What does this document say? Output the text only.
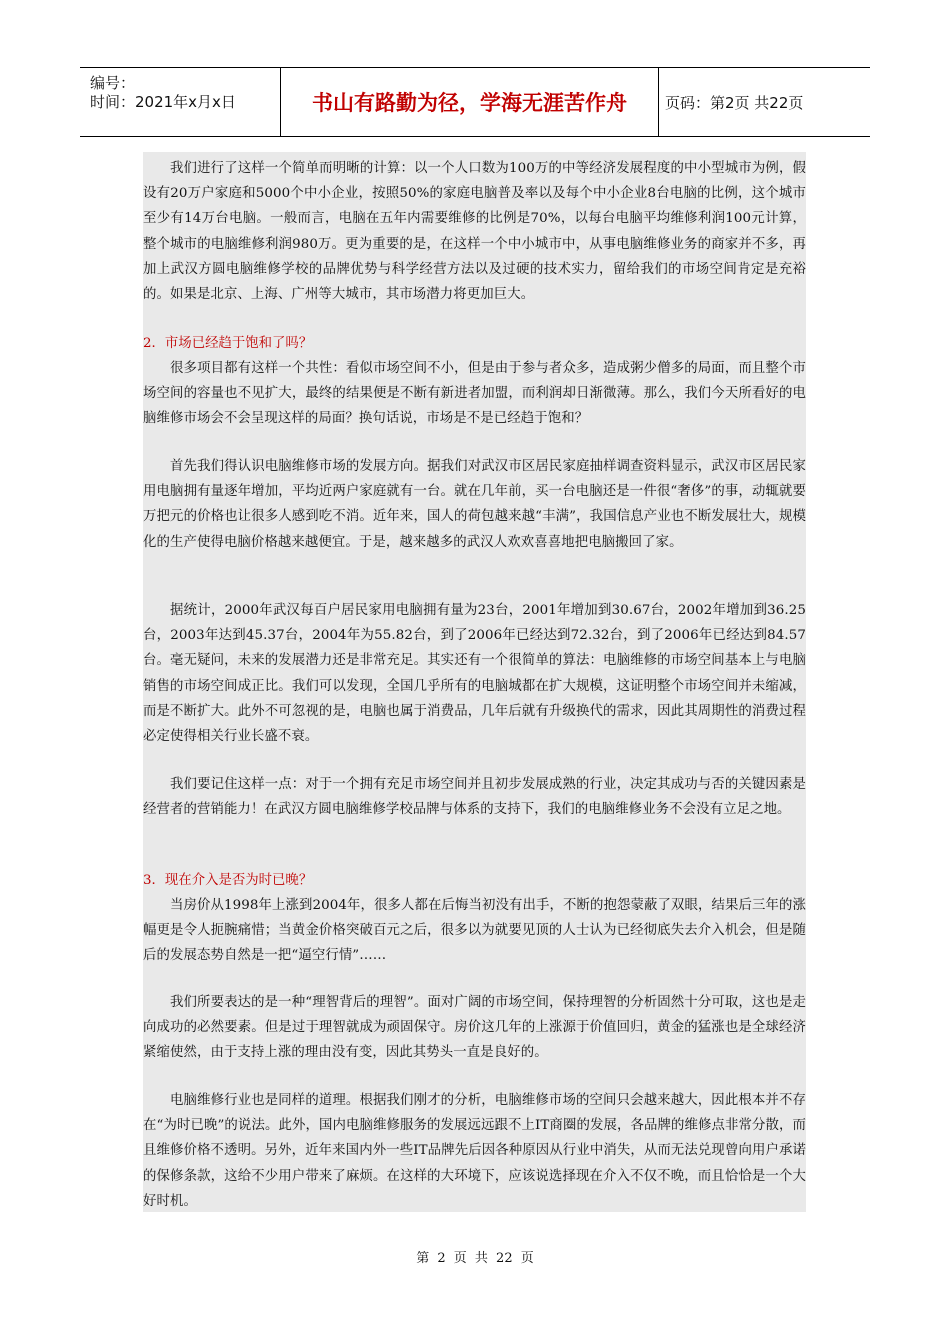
编号：
时间：2021年x月x日	书山有路勤为径，学海无涯苦作舟	页码：第2页 共22页

我们进行了这样一个简单而明晰的计算：以一个人口数为100万的中等经济发展程度的中小型城市为例，假设有20万户家庭和5000个中小企业，按照50%的家庭电脑普及率以及每个中小企业8台电脑的比例，这个城市至少有14万台电脑。一般而言，电脑在五年内需要维修的比例是70%，以每台电脑平均维修利润100元计算，整个城市的电脑维修利润980万。更为重要的是，在这样一个中小城市中，从事电脑维修业务的商家并不多，再加上武汉方圆电脑维修学校的品牌优势与科学经营方法以及过硬的技术实力，留给我们的市场空间肯定是充裕的。如果是北京、上海、广州等大城市，其市场潜力将更加巨大。

2．市场已经趋于饱和了吗？

很多项目都有这样一个共性：看似市场空间不小，但是由于参与者众多，造成粥少僧多的局面，而且整个市场空间的容量也不见扩大，最终的结果便是不断有新进者加盟，而利润却日渐微薄。那么，我们今天所看好的电脑维修市场会不会呈现这样的局面？换句话说，市场是不是已经趋于饱和？

首先我们得认识电脑维修市场的发展方向。据我们对武汉市区居民家庭抽样调查资料显示，武汉市区居民家用电脑拥有量逐年增加，平均近两户家庭就有一台。就在几年前，买一台电脑还是一件很“奢侈”的事，动辄就要万把元的价格也让很多人感到吃不消。近年来，国人的荷包越来越“丰满”，我国信息产业也不断发展壮大，规模化的生产使得电脑价格越来越便宜。于是，越来越多的武汉人欢欢喜喜地把电脑搬回了家。

据统计，2000年武汉每百户居民家用电脑拥有量为23台，2001年增加到30.67台，2002年增加到36.25台，2003年达到45.37台，2004年为55.82台，到了2006年已经达到72.32台，到了2006年已经达到84.57台。毫无疑问，未来的发展潜力还是非常充足。其实还有一个很简单的算法：电脑维修的市场空间基本上与电脑销售的市场空间成正比。我们可以发现，全国几乎所有的电脑城都在扩大规模，这证明整个市场空间并未缩减，而是不断扩大。此外不可忽视的是，电脑也属于消费品，几年后就有升级换代的需求，因此其周期性的消费过程必定使得相关行业长盛不衰。

我们要记住这样一点：对于一个拥有充足市场空间并且初步发展成熟的行业，决定其成功与否的关键因素是经营者的营销能力！在武汉方圆电脑维修学校品牌与体系的支持下，我们的电脑维修业务不会没有立足之地。

3．现在介入是否为时已晚？

当房价从1998年上涨到2004年，很多人都在后悔当初没有出手，不断的抱怨蒙蔽了双眼，结果后三年的涨幅更是令人扼腕痛惜；当黄金价格突破百元之后，很多以为就要见顶的人士认为已经彻底失去介入机会，但是随后的发展态势自然是一把“逼空行情”……

我们所要表达的是一种“理智背后的理智”。面对广阔的市场空间，保持理智的分析固然十分可取，这也是走向成功的必然要素。但是过于理智就成为顽固保守。房价这几年的上涨源于价值回归，黄金的猛涨也是全球经济紧缩使然，由于支持上涨的理由没有变，因此其势头一直是良好的。

电脑维修行业也是同样的道理。根据我们刚才的分析，电脑维修市场的空间只会越来越大，因此根本并不存在“为时已晚”的说法。此外，国内电脑维修服务的发展远远跟不上IT商圈的发展，各品牌的维修点非常分散，而且维修价格不透明。另外，近年来国内外一些IT品牌先后因各种原因从行业中消失，从而无法兑现曾向用户承诺的保修条款，这给不少用户带来了麻烦。在这样的大环境下，应该说选择现在介入不仅不晚，而且恰恰是一个大好时机。

第 2 页 共 22 页
